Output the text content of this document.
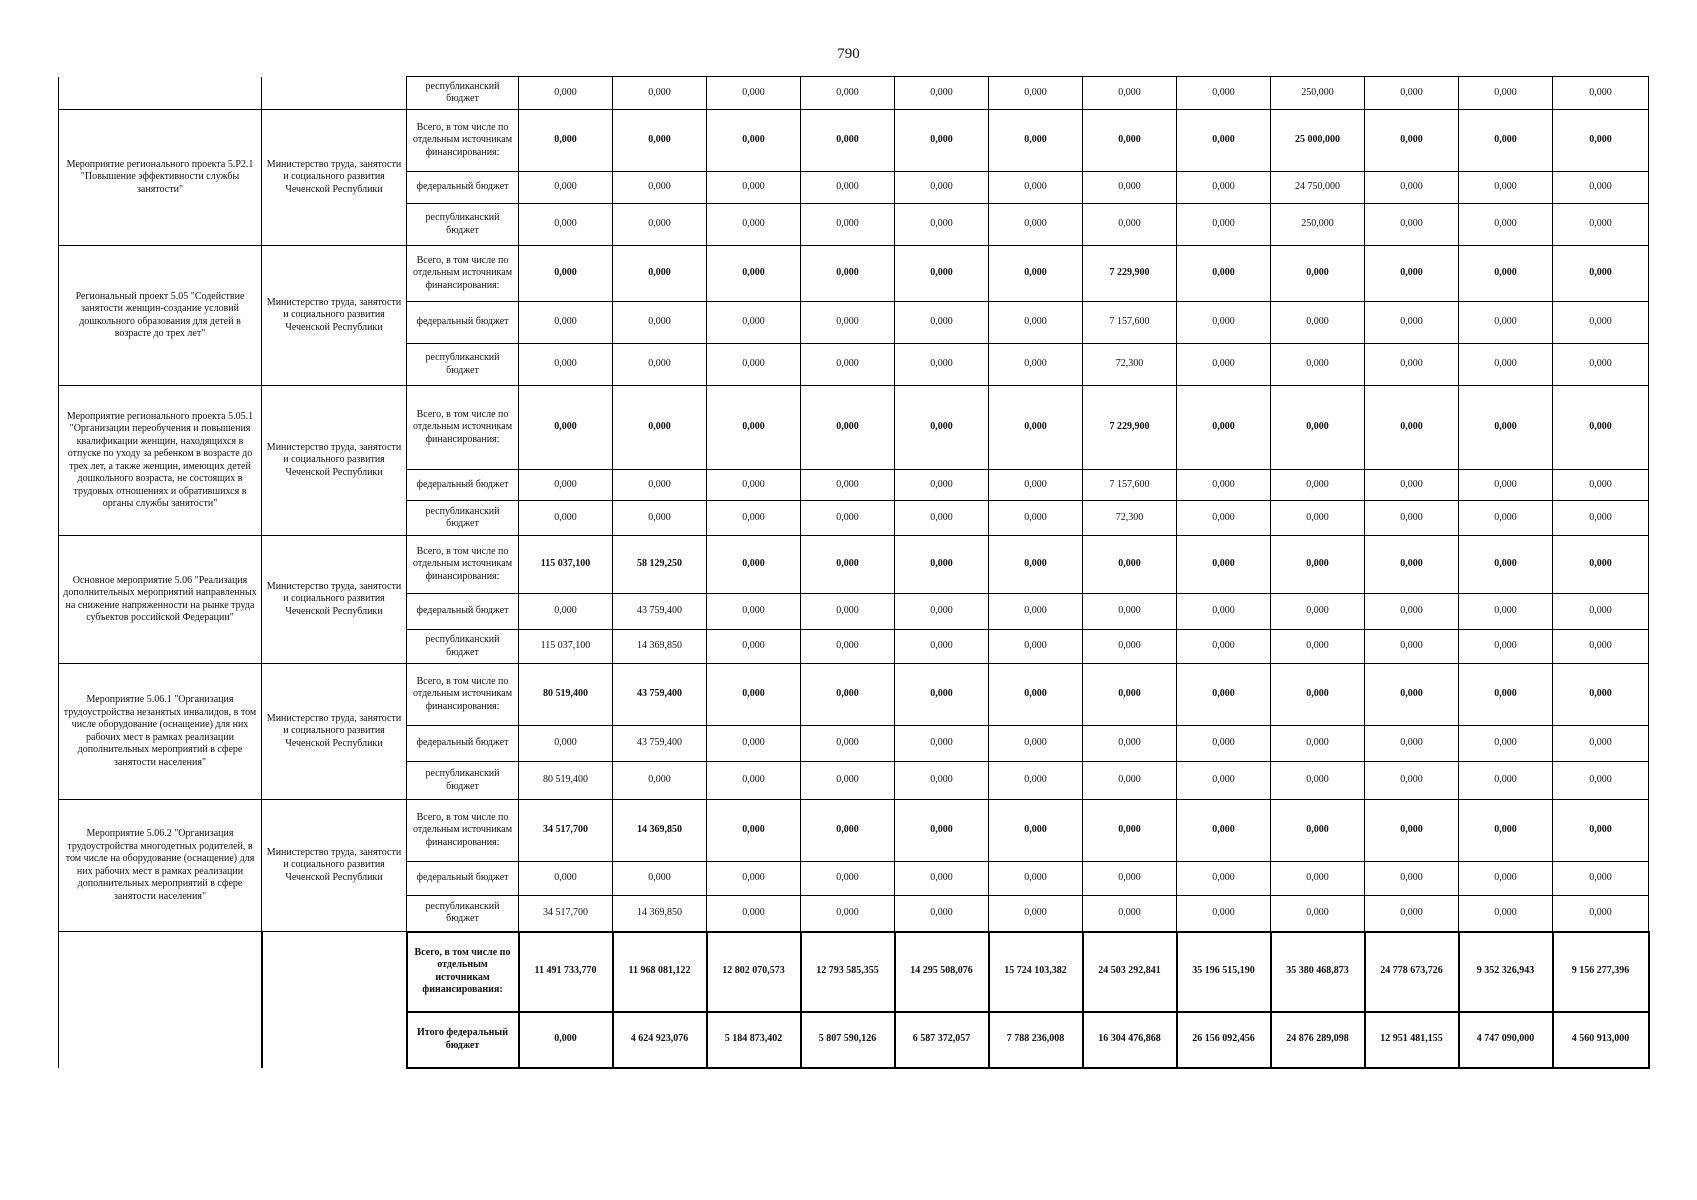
790
		республиканский бюджет	0,000	0,000	0,000	0,000	0,000	0,000	0,000	0,000	250,000	0,000	0,000	0,000
Мероприятие регионального проекта 5.P2.1 "Повышение эффективности службы занятости"	Министерство труда, занятости и социального развития Чеченской Республики	Всего, в том числе по отдельным источникам финансирования:	0,000	0,000	0,000	0,000	0,000	0,000	0,000	0,000	25 000,000	0,000	0,000	0,000
		федеральный бюджет	0,000	0,000	0,000	0,000	0,000	0,000	0,000	0,000	24 750,000	0,000	0,000	0,000
		республиканский бюджет	0,000	0,000	0,000	0,000	0,000	0,000	0,000	0,000	250,000	0,000	0,000	0,000
Региональный проект 5.05 "Содействие занятости женщин-создание условий дошкольного образования для детей в возрасте до трех лет"	Министерство труда, занятости и социального развития Чеченской Республики	Всего, в том числе по отдельным источникам финансирования:	0,000	0,000	0,000	0,000	0,000	0,000	7 229,900	0,000	0,000	0,000	0,000	0,000
		федеральный бюджет	0,000	0,000	0,000	0,000	0,000	0,000	7 157,600	0,000	0,000	0,000	0,000	0,000
		республиканский бюджет	0,000	0,000	0,000	0,000	0,000	0,000	72,300	0,000	0,000	0,000	0,000	0,000
Мероприятие регионального проекта 5.05.1 "Организации переобучения и повышения квалификации женщин, находящихся в отпуске по уходу за ребенком в возрасте до трех лет, а также женщин, имеющих детей дошкольного возраста, не состоящих в трудовых отношениях и обратившихся в органы службы занятости"	Министерство труда, занятости и социального развития Чеченской Республики	Всего, в том числе по отдельным источникам финансирования:	0,000	0,000	0,000	0,000	0,000	0,000	7 229,900	0,000	0,000	0,000	0,000	0,000
		федеральный бюджет	0,000	0,000	0,000	0,000	0,000	0,000	7 157,600	0,000	0,000	0,000	0,000	0,000
		республиканский бюджет	0,000	0,000	0,000	0,000	0,000	0,000	72,300	0,000	0,000	0,000	0,000	0,000
Основное мероприятие 5.06 "Реализация дополнительных мероприятий направленных на снижение напряженности на рынке труда субъектов российской Федерации"	Министерство труда, занятости и социального развития Чеченской Республики	Всего, в том числе по отдельным источникам финансирования:	115 037,100	58 129,250	0,000	0,000	0,000	0,000	0,000	0,000	0,000	0,000	0,000	0,000
		федеральный бюджет	0,000	43 759,400	0,000	0,000	0,000	0,000	0,000	0,000	0,000	0,000	0,000	0,000
		республиканский бюджет	115 037,100	14 369,850	0,000	0,000	0,000	0,000	0,000	0,000	0,000	0,000	0,000	0,000
Мероприятие 5.06.1 "Организация трудоустройства незанятых инвалидов, в том числе оборудование (оснащение) для них рабочих мест в рамках реализации дополнительных мероприятий в сфере занятости населения"	Министерство труда, занятости и социального развития Чеченской Республики	Всего, в том числе по отдельным источникам финансирования:	80 519,400	43 759,400	0,000	0,000	0,000	0,000	0,000	0,000	0,000	0,000	0,000	0,000
		федеральный бюджет	0,000	43 759,400	0,000	0,000	0,000	0,000	0,000	0,000	0,000	0,000	0,000	0,000
		республиканский бюджет	80 519,400	0,000	0,000	0,000	0,000	0,000	0,000	0,000	0,000	0,000	0,000	0,000
Мероприятие 5.06.2 "Организация трудоустройства многодетных родителей, в том числе на оборудование (оснащение) для них рабочих мест в рамках реализации дополнительных мероприятий в сфере занятости населения"	Министерство труда, занятости и социального развития Чеченской Республики	Всего, в том числе по отдельным источникам финансирования:	34 517,700	14 369,850	0,000	0,000	0,000	0,000	0,000	0,000	0,000	0,000	0,000	0,000
		федеральный бюджет	0,000	0,000	0,000	0,000	0,000	0,000	0,000	0,000	0,000	0,000	0,000	0,000
		республиканский бюджет	34 517,700	14 369,850	0,000	0,000	0,000	0,000	0,000	0,000	0,000	0,000	0,000	0,000
		Всего, в том числе по отдельным источникам финансирования:	11 491 733,770	11 968 081,122	12 802 070,573	12 793 585,355	14 295 508,076	15 724 103,382	24 503 292,841	35 196 515,190	35 380 468,873	24 778 673,726	9 352 326,943	9 156 277,396
		Итого федеральный бюджет	0,000	4 624 923,076	5 184 873,402	5 807 590,126	6 587 372,057	7 788 236,008	16 304 476,868	26 156 092,456	24 876 289,098	12 951 481,155	4 747 090,000	4 560 913,000
